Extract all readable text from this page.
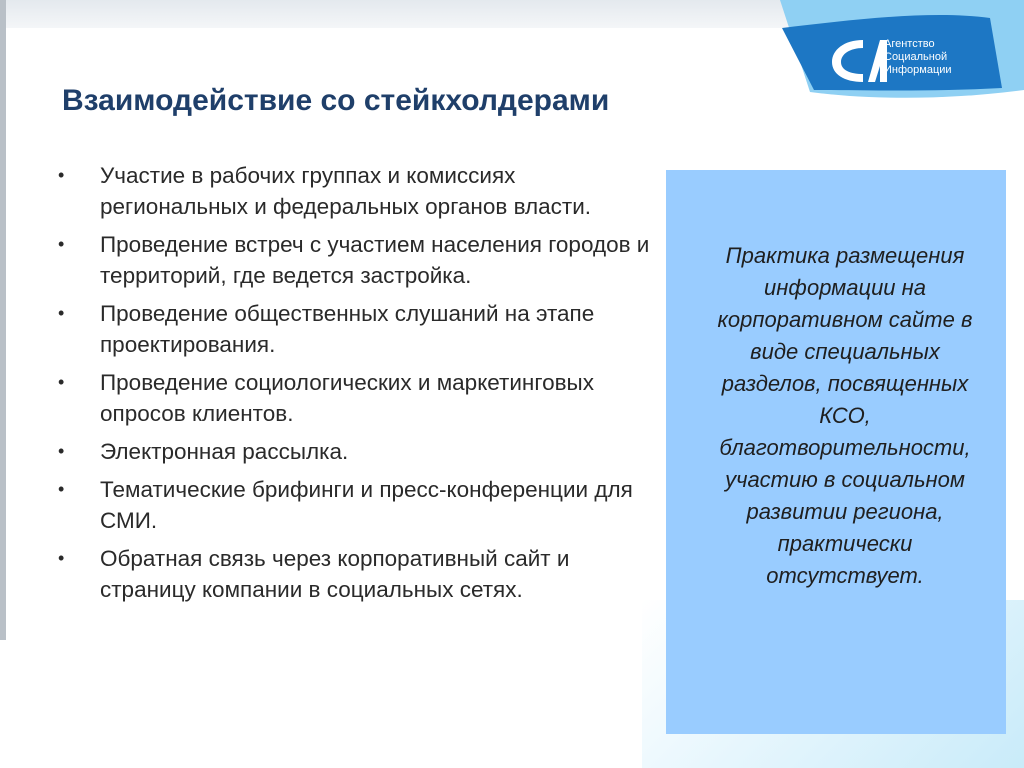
Агентство
Социальной
Информации
Взаимодействие со стейкхолдерами
•	Участие в рабочих группах и комиссиях региональных и федеральных органов власти.
•	Проведение встреч с участием населения городов и территорий, где ведется застройка.
•	Проведение общественных слушаний на этапе проектирования.
•	Проведение социологических и маркетинговых опросов клиентов.
•	Электронная рассылка.
•	Тематические брифинги и пресс-конференции для СМИ.
•	Обратная связь через корпоративный сайт и страницу компании в социальных сетях.

Практика размещения
информации на
корпоративном сайте в
виде специальных
разделов, посвященных
КСО,
благотворительности,
участию в социальном
развитии региона,
практически
отсутствует.
